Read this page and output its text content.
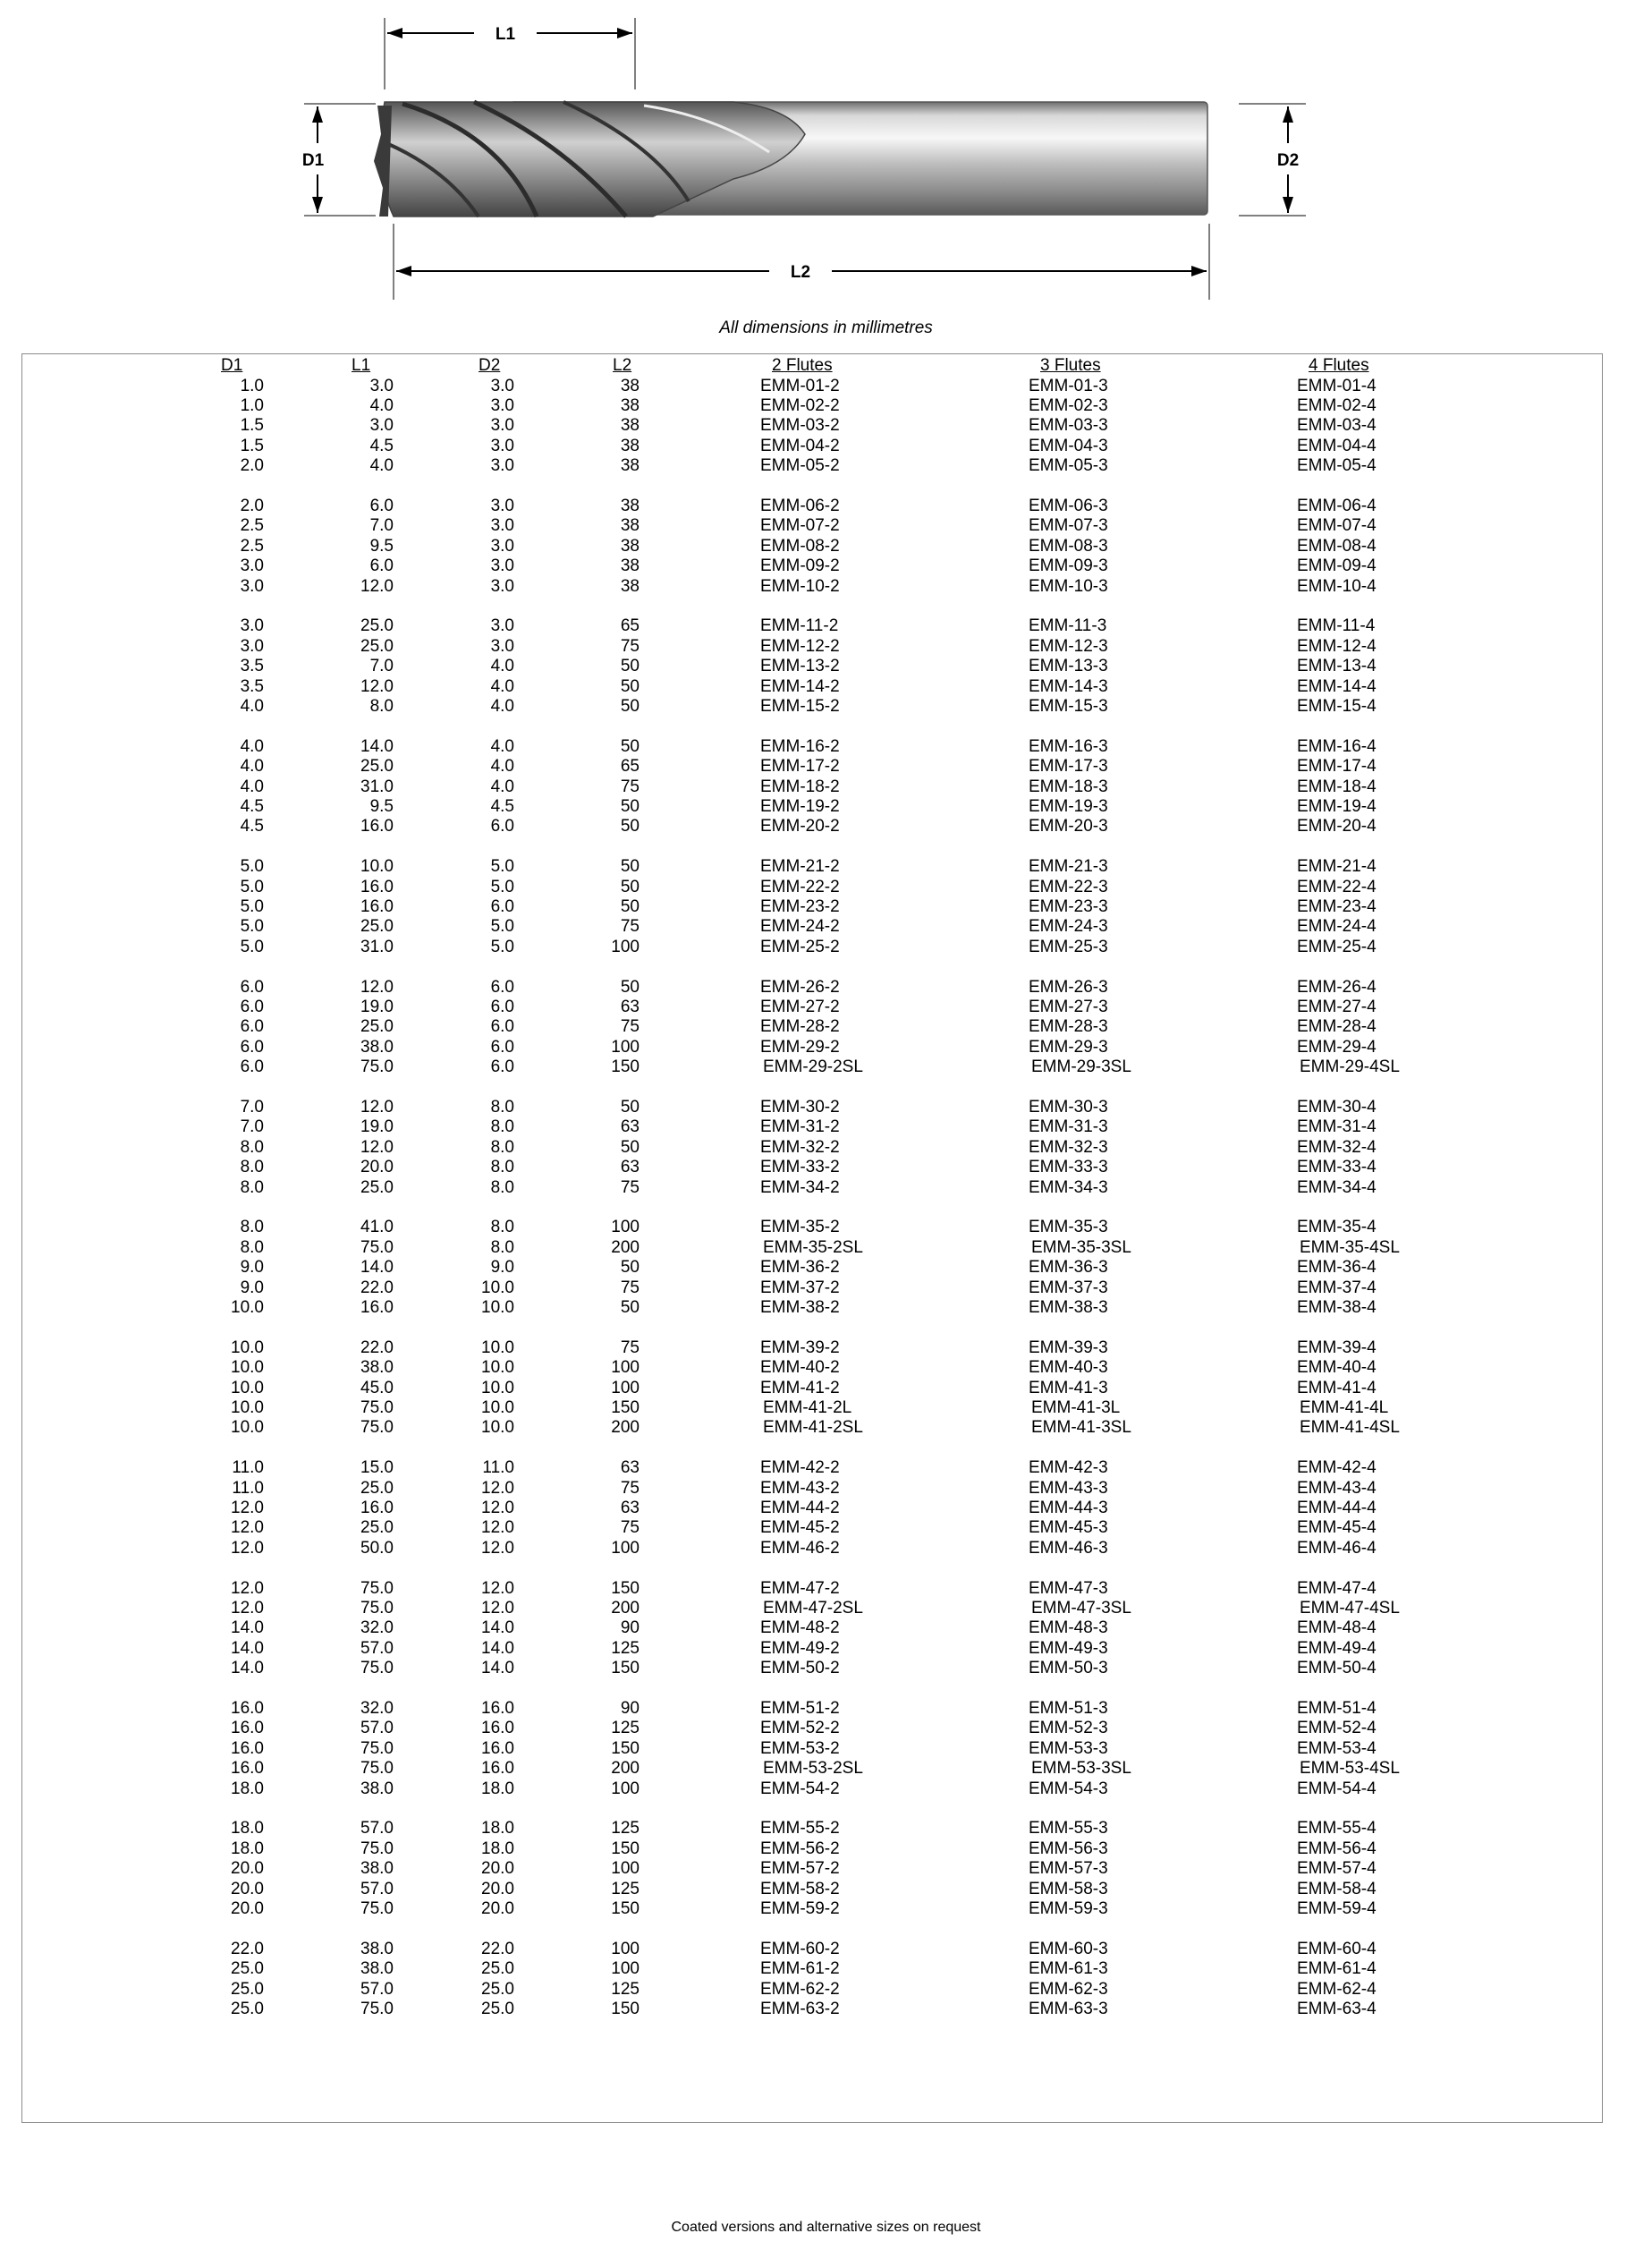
L1
L2
D1	D2
All dimensions in millimetres
D1	L1	D2	L2	2 Flutes	3 Flutes	4 Flutes
1.0	3.0	3.0	38	EMM-01-2	EMM-01-3	EMM-01-4
1.0	4.0	3.0	38	EMM-02-2	EMM-02-3	EMM-02-4
1.5	3.0	3.0	38	EMM-03-2	EMM-03-3	EMM-03-4
1.5	4.5	3.0	38	EMM-04-2	EMM-04-3	EMM-04-4
2.0	4.0	3.0	38	EMM-05-2	EMM-05-3	EMM-05-4
2.0	6.0	3.0	38	EMM-06-2	EMM-06-3	EMM-06-4
2.5	7.0	3.0	38	EMM-07-2	EMM-07-3	EMM-07-4
2.5	9.5	3.0	38	EMM-08-2	EMM-08-3	EMM-08-4
3.0	6.0	3.0	38	EMM-09-2	EMM-09-3	EMM-09-4
3.0	12.0	3.0	38	EMM-10-2	EMM-10-3	EMM-10-4
3.0	25.0	3.0	65	EMM-11-2	EMM-11-3	EMM-11-4
3.0	25.0	3.0	75	EMM-12-2	EMM-12-3	EMM-12-4
3.5	7.0	4.0	50	EMM-13-2	EMM-13-3	EMM-13-4
3.5	12.0	4.0	50	EMM-14-2	EMM-14-3	EMM-14-4
4.0	8.0	4.0	50	EMM-15-2	EMM-15-3	EMM-15-4
4.0	14.0	4.0	50	EMM-16-2	EMM-16-3	EMM-16-4
4.0	25.0	4.0	65	EMM-17-2	EMM-17-3	EMM-17-4
4.0	31.0	4.0	75	EMM-18-2	EMM-18-3	EMM-18-4
4.5	9.5	4.5	50	EMM-19-2	EMM-19-3	EMM-19-4
4.5	16.0	6.0	50	EMM-20-2	EMM-20-3	EMM-20-4
5.0	10.0	5.0	50	EMM-21-2	EMM-21-3	EMM-21-4
5.0	16.0	5.0	50	EMM-22-2	EMM-22-3	EMM-22-4
5.0	16.0	6.0	50	EMM-23-2	EMM-23-3	EMM-23-4
5.0	25.0	5.0	75	EMM-24-2	EMM-24-3	EMM-24-4
5.0	31.0	5.0	100	EMM-25-2	EMM-25-3	EMM-25-4
6.0	12.0	6.0	50	EMM-26-2	EMM-26-3	EMM-26-4
6.0	19.0	6.0	63	EMM-27-2	EMM-27-3	EMM-27-4
6.0	25.0	6.0	75	EMM-28-2	EMM-28-3	EMM-28-4
6.0	38.0	6.0	100	EMM-29-2	EMM-29-3	EMM-29-4
6.0	75.0	6.0	150	EMM-29-2SL	EMM-29-3SL	EMM-29-4SL
7.0	12.0	8.0	50	EMM-30-2	EMM-30-3	EMM-30-4
7.0	19.0	8.0	63	EMM-31-2	EMM-31-3	EMM-31-4
8.0	12.0	8.0	50	EMM-32-2	EMM-32-3	EMM-32-4
8.0	20.0	8.0	63	EMM-33-2	EMM-33-3	EMM-33-4
8.0	25.0	8.0	75	EMM-34-2	EMM-34-3	EMM-34-4
8.0	41.0	8.0	100	EMM-35-2	EMM-35-3	EMM-35-4
8.0	75.0	8.0	200	EMM-35-2SL	EMM-35-3SL	EMM-35-4SL
9.0	14.0	9.0	50	EMM-36-2	EMM-36-3	EMM-36-4
9.0	22.0	10.0	75	EMM-37-2	EMM-37-3	EMM-37-4
10.0	16.0	10.0	50	EMM-38-2	EMM-38-3	EMM-38-4
10.0	22.0	10.0	75	EMM-39-2	EMM-39-3	EMM-39-4
10.0	38.0	10.0	100	EMM-40-2	EMM-40-3	EMM-40-4
10.0	45.0	10.0	100	EMM-41-2	EMM-41-3	EMM-41-4
10.0	75.0	10.0	150	EMM-41-2L	EMM-41-3L	EMM-41-4L
10.0	75.0	10.0	200	EMM-41-2SL	EMM-41-3SL	EMM-41-4SL
11.0	15.0	11.0	63	EMM-42-2	EMM-42-3	EMM-42-4
11.0	25.0	12.0	75	EMM-43-2	EMM-43-3	EMM-43-4
12.0	16.0	12.0	63	EMM-44-2	EMM-44-3	EMM-44-4
12.0	25.0	12.0	75	EMM-45-2	EMM-45-3	EMM-45-4
12.0	50.0	12.0	100	EMM-46-2	EMM-46-3	EMM-46-4
12.0	75.0	12.0	150	EMM-47-2	EMM-47-3	EMM-47-4
12.0	75.0	12.0	200	EMM-47-2SL	EMM-47-3SL	EMM-47-4SL
14.0	32.0	14.0	90	EMM-48-2	EMM-48-3	EMM-48-4
14.0	57.0	14.0	125	EMM-49-2	EMM-49-3	EMM-49-4
14.0	75.0	14.0	150	EMM-50-2	EMM-50-3	EMM-50-4
16.0	32.0	16.0	90	EMM-51-2	EMM-51-3	EMM-51-4
16.0	57.0	16.0	125	EMM-52-2	EMM-52-3	EMM-52-4
16.0	75.0	16.0	150	EMM-53-2	EMM-53-3	EMM-53-4
16.0	75.0	16.0	200	EMM-53-2SL	EMM-53-3SL	EMM-53-4SL
18.0	38.0	18.0	100	EMM-54-2	EMM-54-3	EMM-54-4
18.0	57.0	18.0	125	EMM-55-2	EMM-55-3	EMM-55-4
18.0	75.0	18.0	150	EMM-56-2	EMM-56-3	EMM-56-4
20.0	38.0	20.0	100	EMM-57-2	EMM-57-3	EMM-57-4
20.0	57.0	20.0	125	EMM-58-2	EMM-58-3	EMM-58-4
20.0	75.0	20.0	150	EMM-59-2	EMM-59-3	EMM-59-4
22.0	38.0	22.0	100	EMM-60-2	EMM-60-3	EMM-60-4
25.0	38.0	25.0	100	EMM-61-2	EMM-61-3	EMM-61-4
25.0	57.0	25.0	125	EMM-62-2	EMM-62-3	EMM-62-4
25.0	75.0	25.0	150	EMM-63-2	EMM-63-3	EMM-63-4
Coated versions and alternative sizes on request
